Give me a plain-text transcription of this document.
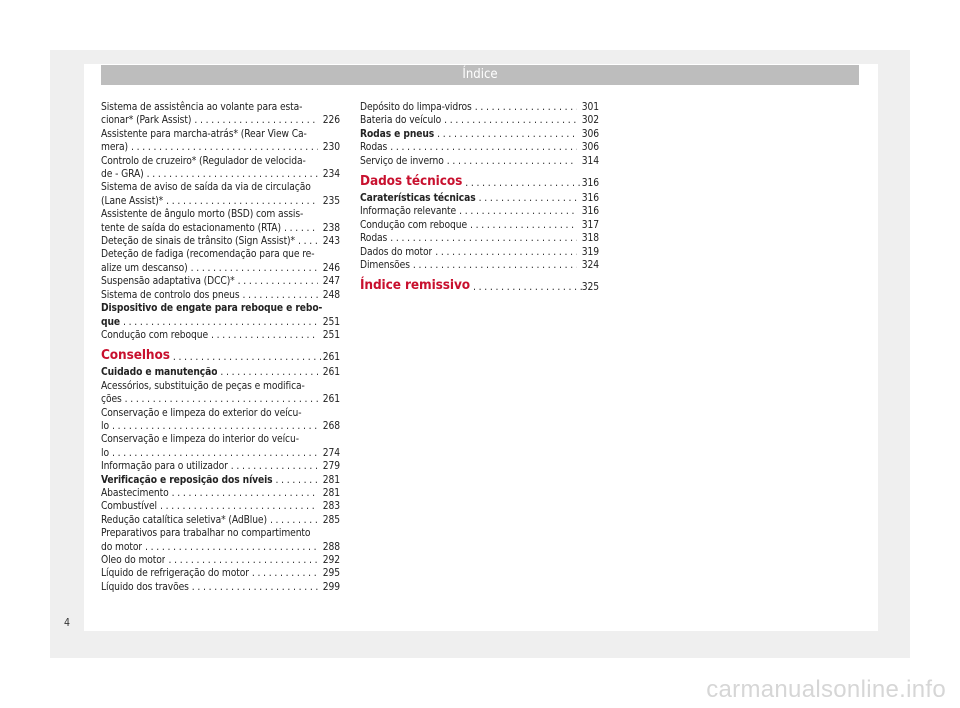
Índice
Sistema de assistência ao volante para esta-
cionar* (Park Assist) . . .	226
Assistente para marcha-atrás* (Rear View Ca-
mera) . . .	230
Controlo de cruzeiro* (Regulador de velocida-
de - GRA) . . .	234
Sistema de aviso de saída da via de circulação
(Lane Assist)* . . .	235
Assistente de ângulo morto (BSD) com assis-
tente de saída do estacionamento (RTA) . . .	238
Deteção de sinais de trânsito (Sign Assist)* . . .	243
Deteção de fadiga (recomendação para que re-
alize um descanso) . . .	246
Suspensão adaptativa (DCC)* . . .	247
Sistema de controlo dos pneus . . .	248
Dispositivo de engate para reboque e rebo-
que . . .	251
Condução com reboque . . .	251
Conselhos . . .	261
Cuidado e manutenção . . .	261
Acessórios, substituição de peças e modifica-
ções . . .	261
Conservação e limpeza do exterior do veícu-
lo . . .	268
Conservação e limpeza do interior do veícu-
lo . . .	274
Informação para o utilizador . . .	279
Verificação e reposição dos níveis . . .	281
Abastecimento . . .	281
Combustível . . .	283
Redução catalítica seletiva* (AdBlue) . . .	285
Preparativos para trabalhar no compartimento
do motor . . .	288
Óleo do motor . . .	292
Líquido de refrigeração do motor . . .	295
Líquido dos travões . . .	299
Depósito do limpa-vidros . . .	301
Bateria do veículo . . .	302
Rodas e pneus . . .	306
Rodas . . .	306
Serviço de inverno . . .	314
Dados técnicos . . .	316
Caraterísticas técnicas . . .	316
Informação relevante . . .	316
Condução com reboque . . .	317
Rodas . . .	318
Dados do motor . . .	319
Dimensões . . .	324
Índice remissivo . . .	325
4
carmanualsonline.info
